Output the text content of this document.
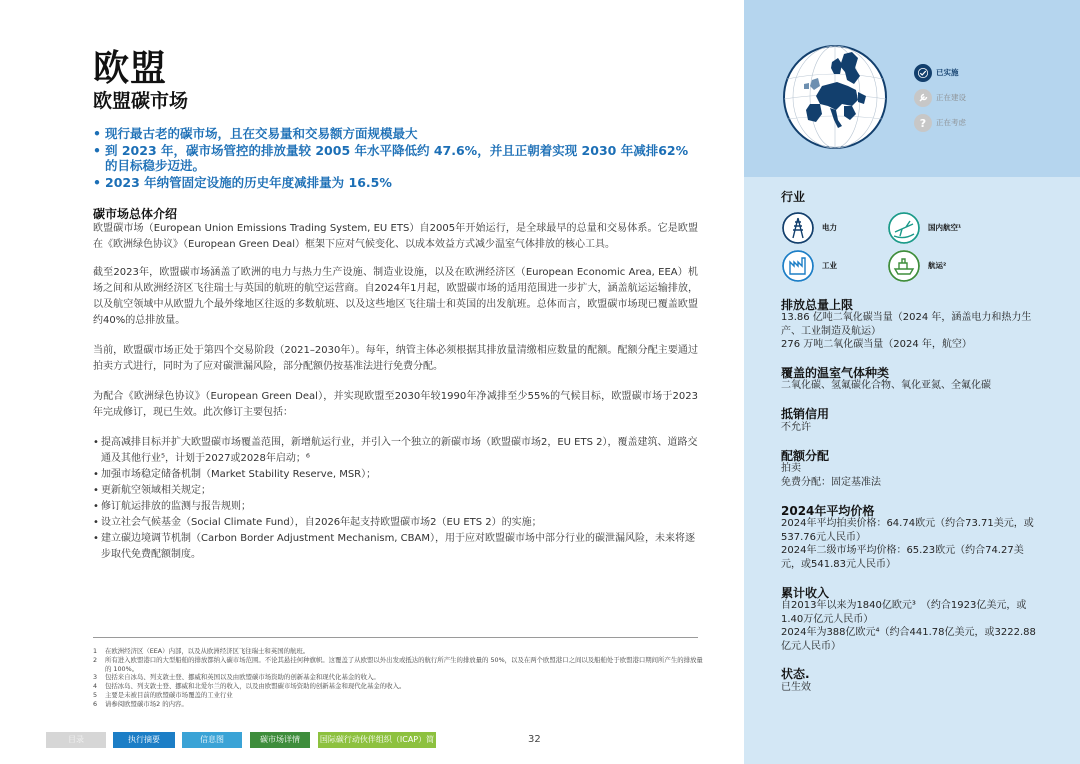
欧盟
欧盟碳市场
• 现行最古老的碳市场，且在交易量和交易额方面规模最大
• 到 2023 年，碳市场管控的排放量较 2005 年水平降低约 47.6%，并且正朝着实现 2030 年减排62% 的目标稳步迈进。
• 2023 年纳管固定设施的历史年度减排量为 16.5%
碳市场总体介绍
欧盟碳市场（European Union Emissions Trading System, EU ETS）自2005年开始运行，是全球最早的总量和交易体系。它是欧盟在《欧洲绿色协议》（European Green Deal）框架下应对气候变化、以成本效益方式减少温室气体排放的核心工具。
截至2023年，欧盟碳市场涵盖了欧洲的电力与热力生产设施、制造业设施，以及在欧洲经济区（European Economic Area, EEA）机场之间和从欧洲经济区飞往瑞士与英国的航班的航空运营商。自2024年1月起，欧盟碳市场的适用范围进一步扩大，涵盖航运运输排放，以及航空领域中从欧盟九个最外缘地区往返的多数航班、以及这些地区飞往瑞士和英国的出发航班。总体而言，欧盟碳市场现已覆盖欧盟约40%的总排放量。
当前，欧盟碳市场正处于第四个交易阶段（2021–2030年）。每年，纳管主体必须根据其排放量清缴相应数量的配额。配额分配主要通过拍卖方式进行，同时为了应对碳泄漏风险，部分配额仍按基准法进行免费分配。
为配合《欧洲绿色协议》（European Green Deal），并实现欧盟至2030年较1990年净减排至少55%的气候目标，欧盟碳市场于2023年完成修订，现已生效。此次修订主要包括：
• 提高减排目标并扩大欧盟碳市场覆盖范围，新增航运行业，并引入一个独立的新碳市场（欧盟碳市场2，EU ETS 2），覆盖建筑、道路交通及其他行业⁵，计划于2027或2028年启动；⁶
• 加强市场稳定储备机制（Market Stability Reserve, MSR）；
• 更新航空领域相关规定；
• 修订航运排放的监测与报告规则；
• 设立社会气候基金（Social Climate Fund），自2026年起支持欧盟碳市场2（EU ETS 2）的实施；
• 建立碳边境调节机制（Carbon Border Adjustment Mechanism, CBAM），用于应对欧盟碳市场中部分行业的碳泄漏风险，未来将逐步取代免费配额制度。
1	在欧洲经济区（EEA）内部，以及从欧洲经济区飞往瑞士和英国的航班。
2	所有进入欧盟港口的大型船舶的排放都纳入碳市场范围。不论其悬挂何种旗帜。这覆盖了从欧盟以外出发或抵达的航行所产生的排放量的 50%，以及在两个欧盟港口之间以及船舶处于欧盟港口期间所产生的排放量的 100%。
3	包括来自冰岛、列支敦士登、挪威和英国以及由欧盟碳市场资助的创新基金和现代化基金的收入。
4	包括冰岛、列支敦士登、挪威和北爱尔兰的收入，以及由欧盟碳市场资助的创新基金和现代化基金的收入。
5	主要是未被目前的欧盟碳市场覆盖的工业行业
6	请参阅欧盟碳市场2 的内容。
目录	执行摘要	信息图	碳市场详情	国际碳行动伙伴组织（ICAP）简介
32
已实施
正在建设
? 正在考虑
行业
电力	国内航空¹
工业	航运²
排放总量上限
13.86 亿吨二氧化碳当量（2024 年，涵盖电力和热力生产、工业制造及航运）
276 万吨二氧化碳当量（2024 年，航空）
覆盖的温室气体种类
二氧化碳、氢氟碳化合物、氧化亚氮、全氟化碳
抵销信用
不允许
配额分配
拍卖
免费分配：固定基准法
2024年平均价格
2024年平均拍卖价格：64.74欧元（约合73.71美元，或537.76元人民币）
2024年二级市场平均价格：65.23欧元（约合74.27美元，或541.83元人民币）
累计收入
自2013年以来为1840亿欧元³　（约合1923亿美元，或1.40万亿元人民币）
2024年为388亿欧元⁴（约合441.78亿美元，或3222.88亿元人民币）
状态.
已生效
